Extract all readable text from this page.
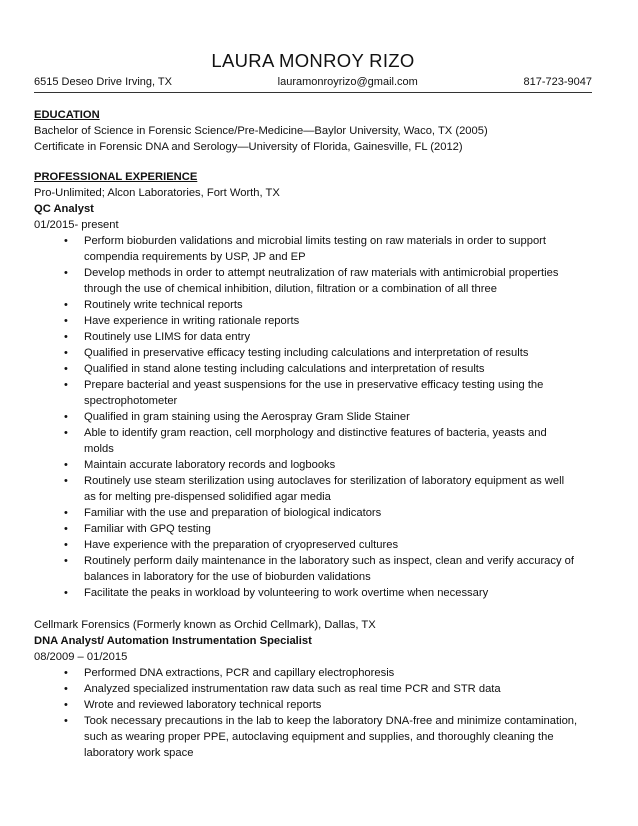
LAURA MONROY RIZO
6515 Deseo Drive Irving, TX	lauramonroyrizo@gmail.com	817-723-9047
EDUCATION
Bachelor of Science in Forensic Science/Pre-Medicine—Baylor University, Waco, TX (2005)
Certificate in Forensic DNA and Serology—University of Florida, Gainesville, FL (2012)
PROFESSIONAL EXPERIENCE
Pro-Unlimited; Alcon Laboratories, Fort Worth, TX
QC Analyst
01/2015- present
• Perform bioburden validations and microbial limits testing on raw materials in order to support
compendia requirements by USP, JP and EP
• Develop methods in order to attempt neutralization of raw materials with antimicrobial properties
through the use of chemical inhibition, dilution, filtration or a combination of all three
• Routinely write technical reports
• Have experience in writing rationale reports
• Routinely use LIMS for data entry
• Qualified in preservative efficacy testing including calculations and interpretation of results
• Qualified in stand alone testing including calculations and interpretation of results
• Prepare bacterial and yeast suspensions for the use in preservative efficacy testing using the
spectrophotometer
• Qualified in gram staining using the Aerospray Gram Slide Stainer
• Able to identify gram reaction, cell morphology and distinctive features of bacteria, yeasts and
molds
• Maintain accurate laboratory records and logbooks
• Routinely use steam sterilization using autoclaves for sterilization of laboratory equipment as well
as for melting pre-dispensed solidified agar media
• Familiar with the use and preparation of biological indicators
• Familiar with GPQ testing
• Have experience with the preparation of cryopreserved cultures
• Routinely perform daily maintenance in the laboratory such as inspect, clean and verify accuracy of
balances in laboratory for the use of bioburden validations
• Facilitate the peaks in workload by volunteering to work overtime when necessary
Cellmark Forensics (Formerly known as Orchid Cellmark), Dallas, TX
DNA Analyst/ Automation Instrumentation Specialist
08/2009 – 01/2015
• Performed DNA extractions, PCR and capillary electrophoresis
• Analyzed specialized instrumentation raw data such as real time PCR and STR data
• Wrote and reviewed laboratory technical reports
• Took necessary precautions in the lab to keep the laboratory DNA-free and minimize contamination,
such as wearing proper PPE, autoclaving equipment and supplies, and thoroughly cleaning the
laboratory work space
